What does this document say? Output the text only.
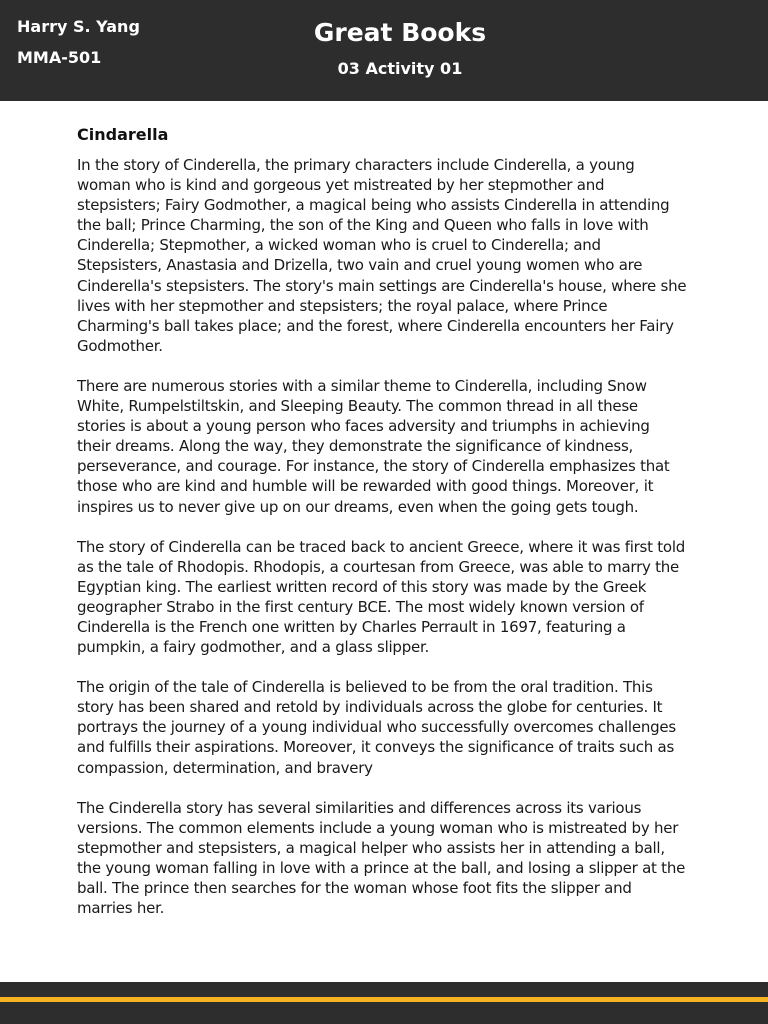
Harry S. Yang
MMA-501
Great Books
03 Activity 01
Cindarella

In the story of Cinderella, the primary characters include Cinderella, a young woman who is kind and gorgeous yet mistreated by her stepmother and stepsisters; Fairy Godmother, a magical being who assists Cinderella in attending the ball; Prince Charming, the son of the King and Queen who falls in love with Cinderella; Stepmother, a wicked woman who is cruel to Cinderella; and Stepsisters, Anastasia and Drizella, two vain and cruel young women who are Cinderella's stepsisters. The story's main settings are Cinderella's house, where she lives with her stepmother and stepsisters; the royal palace, where Prince Charming's ball takes place; and the forest, where Cinderella encounters her Fairy Godmother.

There are numerous stories with a similar theme to Cinderella, including Snow White, Rumpelstiltskin, and Sleeping Beauty. The common thread in all these stories is about a young person who faces adversity and triumphs in achieving their dreams. Along the way, they demonstrate the significance of kindness, perseverance, and courage. For instance, the story of Cinderella emphasizes that those who are kind and humble will be rewarded with good things. Moreover, it inspires us to never give up on our dreams, even when the going gets tough.

The story of Cinderella can be traced back to ancient Greece, where it was first told as the tale of Rhodopis. Rhodopis, a courtesan from Greece, was able to marry the Egyptian king. The earliest written record of this story was made by the Greek geographer Strabo in the first century BCE. The most widely known version of Cinderella is the French one written by Charles Perrault in 1697, featuring a pumpkin, a fairy godmother, and a glass slipper.

The origin of the tale of Cinderella is believed to be from the oral tradition. This story has been shared and retold by individuals across the globe for centuries. It portrays the journey of a young individual who successfully overcomes challenges and fulfills their aspirations. Moreover, it conveys the significance of traits such as compassion, determination, and bravery

The Cinderella story has several similarities and differences across its various versions. The common elements include a young woman who is mistreated by her stepmother and stepsisters, a magical helper who assists her in attending a ball, the young woman falling in love with a prince at the ball, and losing a slipper at the ball. The prince then searches for the woman whose foot fits the slipper and marries her.
